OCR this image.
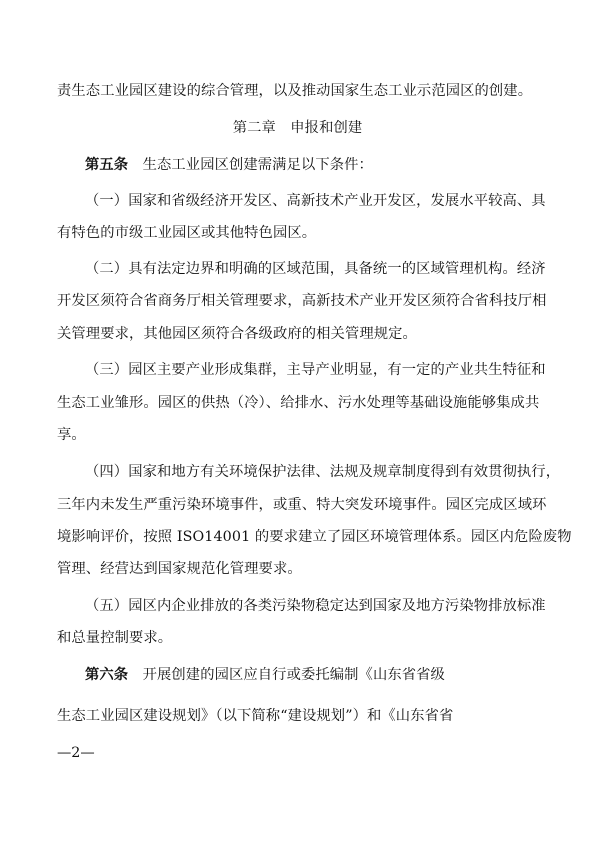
责生态工业园区建设的综合管理，以及推动国家生态工业示范园区的创建。
第二章　申报和创建
第五条　 生态工业园区创建需满足以下条件：
（一）国家和省级经济开发区、高新技术产业开发区，发展水平较高、具
有特色的市级工业园区或其他特色园区。
（二）具有法定边界和明确的区域范围，具备统一的区域管理机构。经济
开发区须符合省商务厅相关管理要求，高新技术产业开发区须符合省科技厅相
关管理要求，其他园区须符合各级政府的相关管理规定。
（三）园区主要产业形成集群，主导产业明显，有一定的产业共生特征和
生态工业雏形。园区的供热（冷）、给排水、污水处理等基础设施能够集成共
享。
（四）国家和地方有关环境保护法律、法规及规章制度得到有效贯彻执行，
三年内未发生严重污染环境事件，或重、特大突发环境事件。园区完成区域环
境影响评价，按照 ISO14001 的要求建立了园区环境管理体系。园区内危险废物
管理、经营达到国家规范化管理要求。
（五）园区内企业排放的各类污染物稳定达到国家及地方污染物排放标准
和总量控制要求。
第六条　 开展创建的园区应自行或委托编制《山东省省级
生态工业园区建设规划》（以下简称“建设规划”）和《山东省省
—2—
